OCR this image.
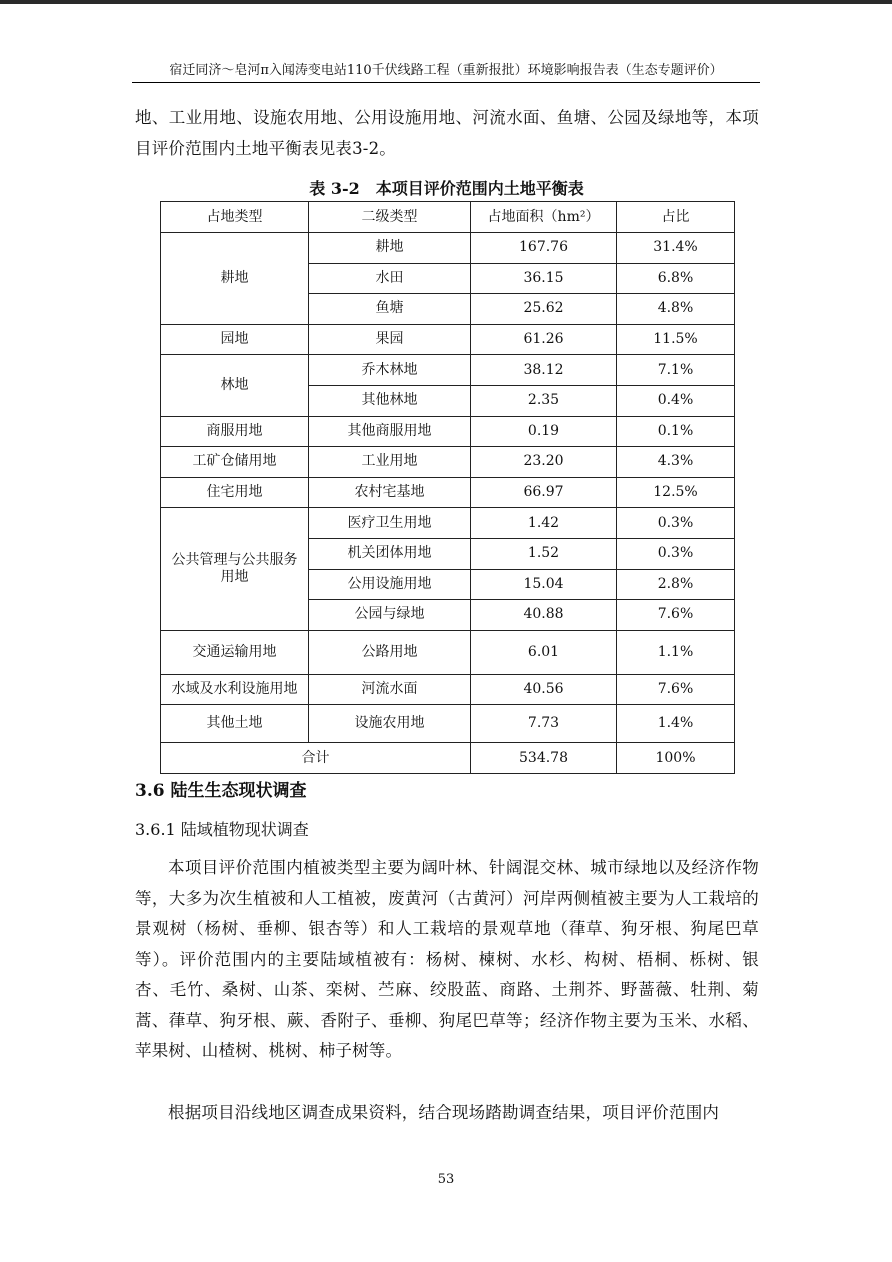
宿迁同济～皂河π入闻涛变电站110千伏线路工程（重新报批）环境影响报告表（生态专题评价）

地、工业用地、设施农用地、公用设施用地、河流水面、鱼塘、公园及绿地等，本项目评价范围内土地平衡表见表3-2。

表 3-2　本项目评价范围内土地平衡表
占地类型	二级类型	占地面积（hm²）	占比
耕地	耕地	167.76	31.4%
	水田	36.15	6.8%
	鱼塘	25.62	4.8%
园地	果园	61.26	11.5%
林地	乔木林地	38.12	7.1%
	其他林地	2.35	0.4%
商服用地	其他商服用地	0.19	0.1%
工矿仓储用地	工业用地	23.20	4.3%
住宅用地	农村宅基地	66.97	12.5%
公共管理与公共服务用地	医疗卫生用地	1.42	0.3%
	机关团体用地	1.52	0.3%
	公用设施用地	15.04	2.8%
	公园与绿地	40.88	7.6%
交通运输用地	公路用地	6.01	1.1%
水域及水利设施用地	河流水面	40.56	7.6%
其他土地	设施农用地	7.73	1.4%
合计		534.78	100%
3.6 陆生生态现状调查
3.6.1 陆域植物现状调查

本项目评价范围内植被类型主要为阔叶林、针阔混交林、城市绿地以及经济作物等，大多为次生植被和人工植被，废黄河（古黄河）河岸两侧植被主要为人工栽培的景观树（杨树、垂柳、银杏等）和人工栽培的景观草地（葎草、狗牙根、狗尾巴草等）。评价范围内的主要陆域植被有：杨树、楝树、水杉、构树、梧桐、栎树、银杏、毛竹、桑树、山茶、栾树、苎麻、绞股蓝、商路、土荆芥、野蔷薇、牡荆、菊蒿、葎草、狗牙根、蕨、香附子、垂柳、狗尾巴草等；经济作物主要为玉米、水稻、苹果树、山楂树、桃树、柿子树等。

根据项目沿线地区调查成果资料，结合现场踏勘调查结果，项目评价范围内

53
